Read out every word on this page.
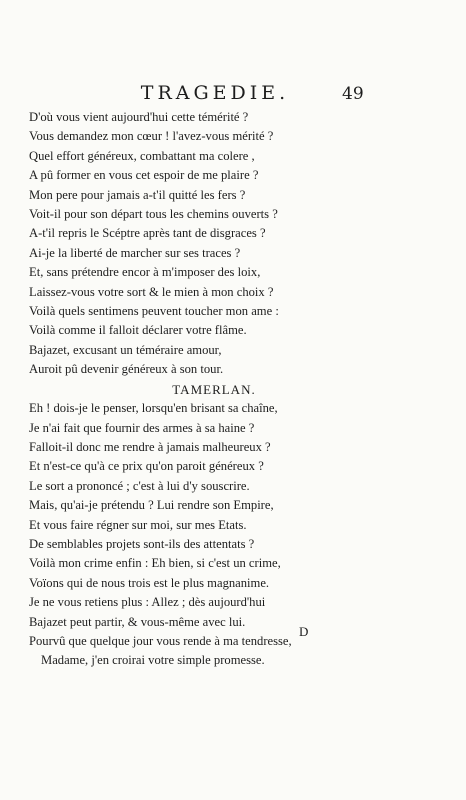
TRAGEDIE.	49
D'où vous vient aujourd'hui cette témérité ?
Vous demandez mon cœur ! l'avez-vous mérité ?
Quel effort généreux, combattant ma colere ,
A pû former en vous cet espoir de me plaire ?
Mon pere pour jamais a-t'il quitté les fers ?
Voit-il pour son départ tous les chemins ouverts ?
A-t'il repris le Scéptre après tant de disgraces ?
Ai-je la liberté de marcher sur ses traces ?
Et, sans prétendre encor à m'imposer des loix,
Laissez-vous votre sort & le mien à mon choix ?
Voilà quels sentimens peuvent toucher mon ame :
Voilà comme il falloit déclarer votre flâme.
Bajazet, excusant un téméraire amour,
Auroit pû devenir généreux à son tour.
TAMERLAN.
Eh ! dois-je le penser, lorsqu'en brisant sa chaîne,
Je n'ai fait que fournir des armes à sa haine ?
Falloit-il donc me rendre à jamais malheureux ?
Et n'est-ce qu'à ce prix qu'on paroit généreux ?
Le sort a prononcé ; c'est à lui d'y souscrire.
Mais, qu'ai-je prétendu ? Lui rendre son Empire,
Et vous faire régner sur moi, sur mes Etats.
De semblables projets sont-ils des attentats ?
Voilà mon crime enfin : Eh bien, si c'est un crime,
Voïons qui de nous trois est le plus magnanime.
Je ne vous retiens plus : Allez ; dès aujourd'hui
Bajazet peut partir, & vous-même avec lui.
Pourvû que quelque jour vous rende à ma tendresse,
Madame, j'en croirai votre simple promesse.
D
